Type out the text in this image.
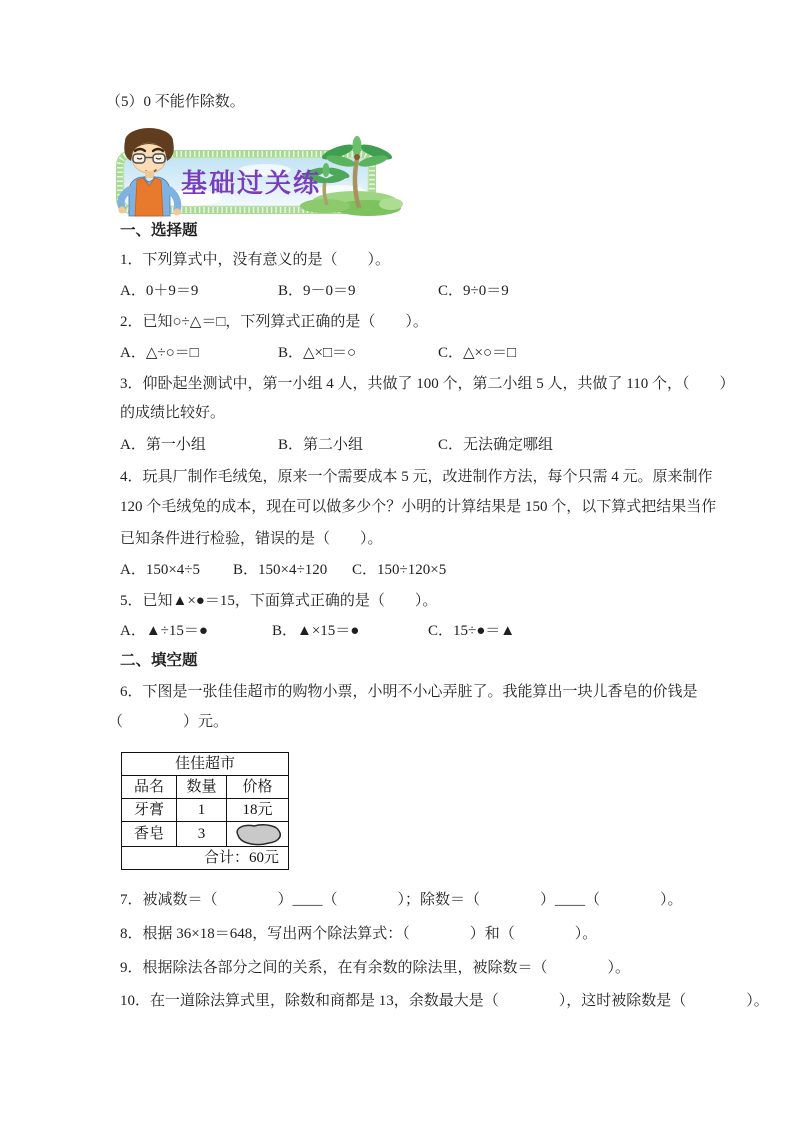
（5）0 不能作除数。
基础过关练
一、选择题
1．下列算式中，没有意义的是（　　）。
A．0＋9＝9	B．9－0＝9	C．9÷0＝9
2．已知○÷△＝□，下列算式正确的是（　　）。
A．△÷○＝□	B．△×□＝○	C．△×○＝□
3．仰卧起坐测试中，第一小组 4 人，共做了 100 个，第二小组 5 人，共做了 110 个，（　　）
的成绩比较好。
A．第一小组	B．第二小组	C．无法确定哪组
4．玩具厂制作毛绒兔，原来一个需要成本 5 元，改进制作方法，每个只需 4 元。原来制作
120 个毛绒兔的成本，现在可以做多少个？小明的计算结果是 150 个，以下算式把结果当作
已知条件进行检验，错误的是（　　）。
A．150×4÷5 B．150×4÷120 C．150÷120×5
5．已知▲×●＝15，下面算式正确的是（　　）。
A．▲÷15＝●	B．▲×15＝●	C．15÷●＝▲
二、填空题
6．下图是一张佳佳超市的购物小票，小明不小心弄脏了。我能算出一块儿香皂的价钱是
（　　　　）元。
佳佳超市		
品名	数量	价格
牙膏	1	18元
香皂	3	

合计：60元		
7．被减数＝（　　　　）____（　　　　）；除数＝（　　　　）____（　　　　）。
8．根据 36×18＝648，写出两个除法算式：（　　　　）和（　　　　）。
9．根据除法各部分之间的关系，在有余数的除法里，被除数＝（　　　　）。
10．在一道除法算式里，除数和商都是 13，余数最大是（　　　　），这时被除数是（　　　　）。
